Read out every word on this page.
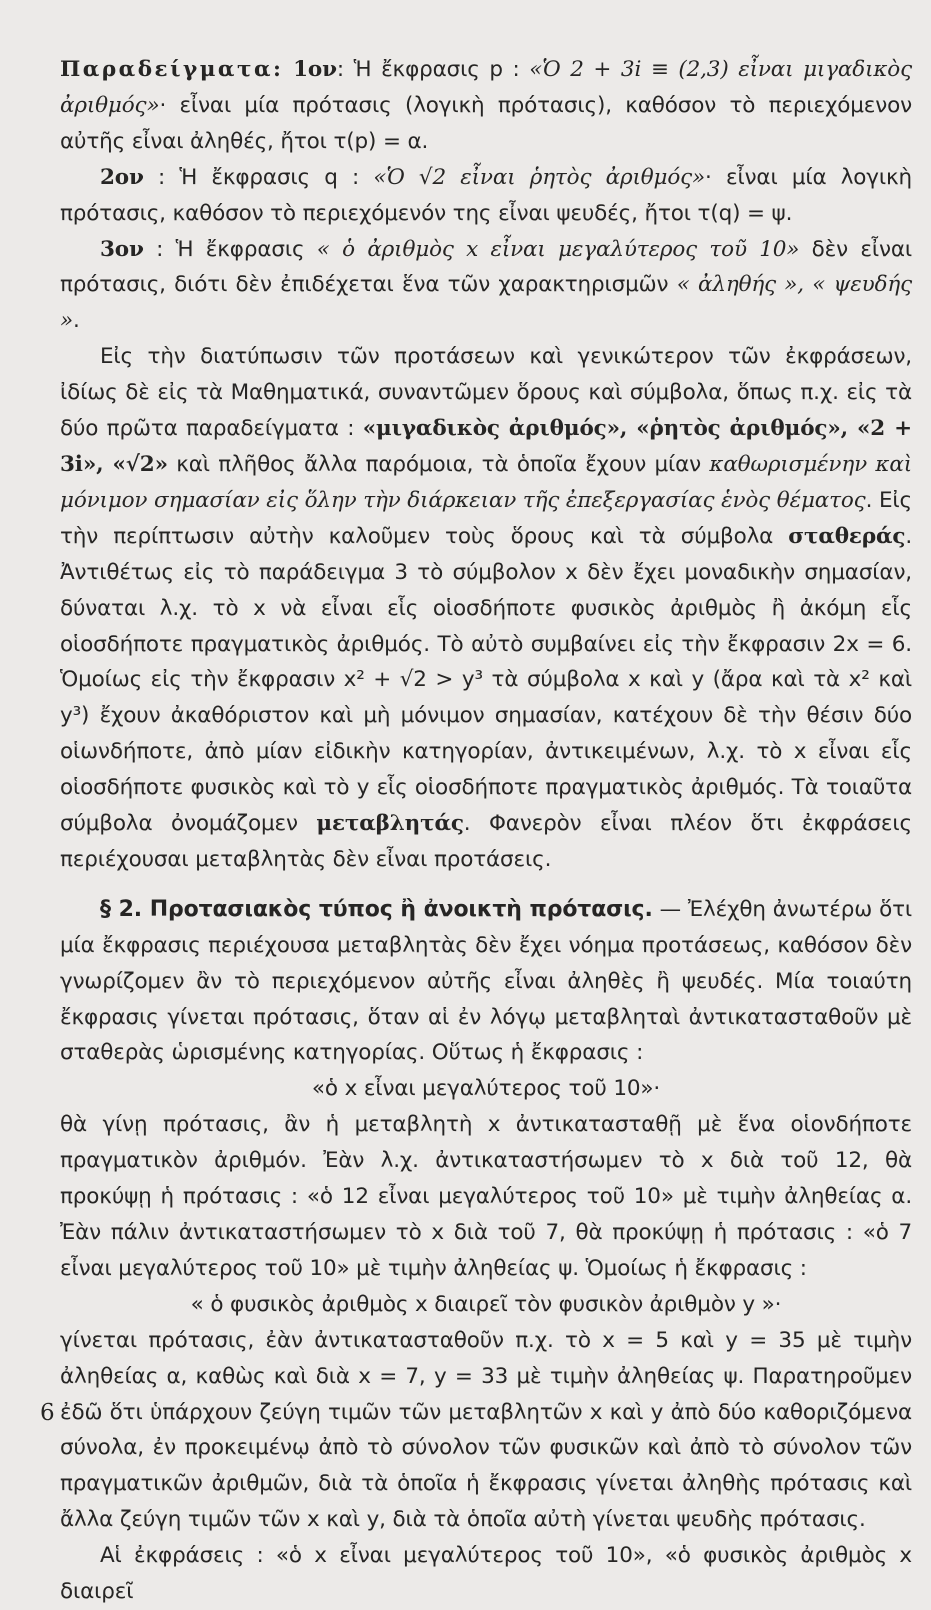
Παραδείγματα: 1ον: Ἡ ἔκφρασις p : «Ὁ 2 + 3i ≡ (2,3) εἶναι μιγαδικὸς ἀριθμός»· εἶναι μία πρότασις (λογικὴ πρότασις), καθόσον τὸ περιεχόμενον αὐτῆς εἶναι ἀληθές, ἤτοι τ(p) = α.

2ον : Ἡ ἔκφρασις q : «Ὁ √2 εἶναι ῥητὸς ἀριθμός»· εἶναι μία λογικὴ πρότασις, καθόσον τὸ περιεχόμενόν της εἶναι ψευδές, ἤτοι τ(q) = ψ.

3ον : Ἡ ἔκφρασις « ὁ ἀριθμὸς x εἶναι μεγαλύτερος τοῦ 10» δὲν εἶναι πρότασις, διότι δὲν ἐπιδέχεται ἕνα τῶν χαρακτηρισμῶν « ἀληθής », « ψευδής ».

Εἰς τὴν διατύπωσιν τῶν προτάσεων καὶ γενικώτερον τῶν ἐκφράσεων, ἰδίως δὲ εἰς τὰ Μαθηματικά, συναντῶμεν ὅρους καὶ σύμβολα, ὅπως π.χ. εἰς τὰ δύο πρῶτα παραδείγματα : «μιγαδικὸς ἀριθμός», «ῥητὸς ἀριθμός», «2 + 3i», «√2» καὶ πλῆθος ἄλλα παρόμοια, τὰ ὁποῖα ἔχουν μίαν καθωρισμένην καὶ μόνιμον σημασίαν εἰς ὅλην τὴν διάρκειαν τῆς ἐπεξεργασίας ἑνὸς θέματος. Εἰς τὴν περίπτωσιν αὐτὴν καλοῦμεν τοὺς ὅρους καὶ τὰ σύμβολα σταθεράς. Ἀντιθέτως εἰς τὸ παράδειγμα 3 τὸ σύμβολον x δὲν ἔχει μοναδικὴν σημασίαν, δύναται λ.χ. τὸ x νὰ εἶναι εἷς οἱοσδήποτε φυσικὸς ἀριθμὸς ἢ ἀκόμη εἷς οἱοσδήποτε πραγματικὸς ἀριθμός. Τὸ αὐτὸ συμβαίνει εἰς τὴν ἔκφρασιν 2x = 6. Ὁμοίως εἰς τὴν ἔκφρασιν x² + √2 > y³ τὰ σύμβολα x καὶ y (ἄρα καὶ τὰ x² καὶ y³) ἔχουν ἀκαθόριστον καὶ μὴ μόνιμον σημασίαν, κατέχουν δὲ τὴν θέσιν δύο οἱωνδήποτε, ἀπὸ μίαν εἰδικὴν κατηγορίαν, ἀντικειμένων, λ.χ. τὸ x εἶναι εἷς οἱοσδήποτε φυσικὸς καὶ τὸ y εἷς οἱοσδήποτε πραγματικὸς ἀριθμός. Τὰ τοιαῦτα σύμβολα ὀνομάζομεν μεταβλητάς. Φανερὸν εἶναι πλέον ὅτι ἐκφράσεις περιέχουσαι μεταβλητὰς δὲν εἶναι προτάσεις.

§ 2. Προτασιακὸς τύπος ἢ ἀνοικτὴ πρότασις. — Ἐλέχθη ἀνωτέρω ὅτι μία ἔκφρασις περιέχουσα μεταβλητὰς δὲν ἔχει νόημα προτάσεως, καθόσον δὲν γνωρίζομεν ἂν τὸ περιεχόμενον αὐτῆς εἶναι ἀληθὲς ἢ ψευδές. Μία τοιαύτη ἔκφρασις γίνεται πρότασις, ὅταν αἱ ἐν λόγῳ μεταβληταὶ ἀντικατασταθοῦν μὲ σταθερὰς ὡρισμένης κατηγορίας. Οὕτως ἡ ἔκφρασις :

«ὁ x εἶναι μεγαλύτερος τοῦ 10»·

θὰ γίνῃ πρότασις, ἂν ἡ μεταβλητὴ x ἀντικατασταθῇ μὲ ἕνα οἱονδήποτε πραγματικὸν ἀριθμόν. Ἐὰν λ.χ. ἀντικαταστήσωμεν τὸ x διὰ τοῦ 12, θὰ προκύψῃ ἡ πρότασις : «ὁ 12 εἶναι μεγαλύτερος τοῦ 10» μὲ τιμὴν ἀληθείας α. Ἐὰν πάλιν ἀντικαταστήσωμεν τὸ x διὰ τοῦ 7, θὰ προκύψῃ ἡ πρότασις : «ὁ 7 εἶναι μεγαλύτερος τοῦ 10» μὲ τιμὴν ἀληθείας ψ. Ὁμοίως ἡ ἔκφρασις :

« ὁ φυσικὸς ἀριθμὸς x διαιρεῖ τὸν φυσικὸν ἀριθμὸν y »·

γίνεται πρότασις, ἐὰν ἀντικατασταθοῦν π.χ. τὸ x = 5 καὶ y = 35 μὲ τιμὴν ἀληθείας α, καθὼς καὶ διὰ x = 7, y = 33 μὲ τιμὴν ἀληθείας ψ. Παρατηροῦμεν ἐδῶ ὅτι ὑπάρχουν ζεύγη τιμῶν τῶν μεταβλητῶν x καὶ y ἀπὸ δύο καθοριζόμενα σύνολα, ἐν προκειμένῳ ἀπὸ τὸ σύνολον τῶν φυσικῶν καὶ ἀπὸ τὸ σύνολον τῶν πραγματικῶν ἀριθμῶν, διὰ τὰ ὁποῖα ἡ ἔκφρασις γίνεται ἀληθὴς πρότασις καὶ ἄλλα ζεύγη τιμῶν τῶν x καὶ y, διὰ τὰ ὁποῖα αὐτὴ γίνεται ψευδὴς πρότασις.

Αἱ ἐκφράσεις : «ὁ x εἶναι μεγαλύτερος τοῦ 10», «ὁ φυσικὸς ἀριθμὸς x διαιρεῖ

6
